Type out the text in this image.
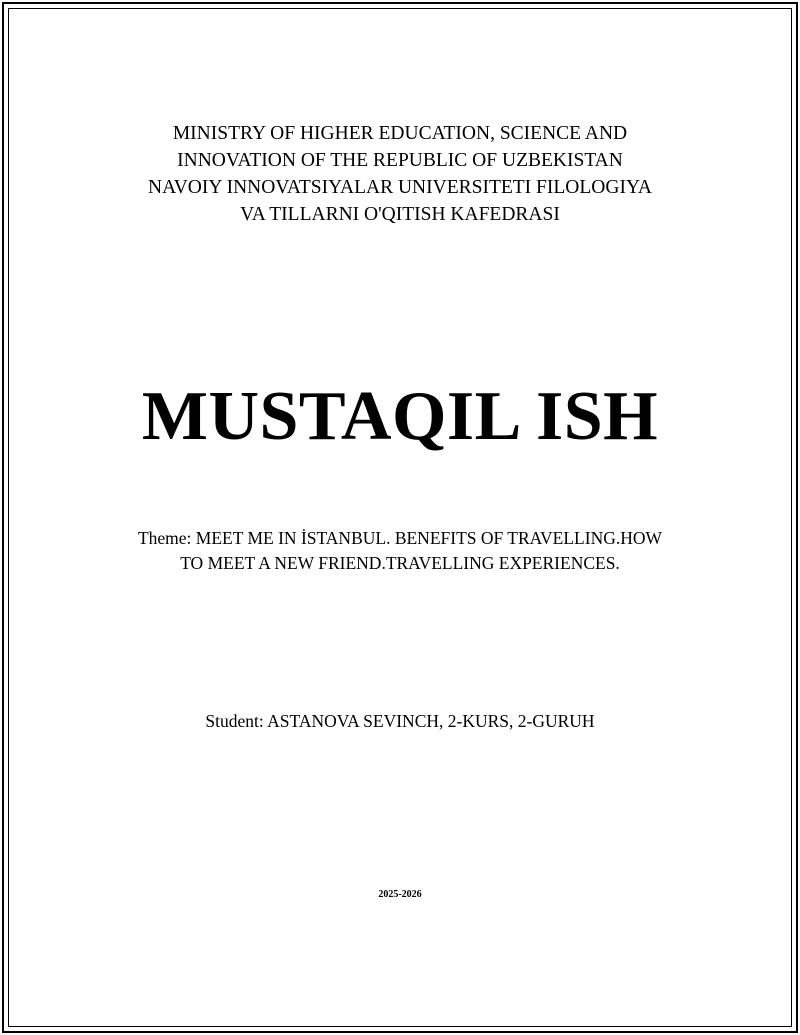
MINISTRY OF HIGHER EDUCATION, SCIENCE AND
INNOVATION OF THE REPUBLIC OF UZBEKISTAN
NAVOIY INNOVATSIYALAR UNIVERSITETI FILOLOGIYA
VA TILLARNI O'QITISH KAFEDRASI
MUSTAQIL ISH
Theme: MEET ME IN İSTANBUL. BENEFITS OF TRAVELLING.HOW
TO MEET A NEW FRIEND.TRAVELLING EXPERIENCES.
Student: ASTANOVA SEVINCH, 2-KURS, 2-GURUH
2025-2026
